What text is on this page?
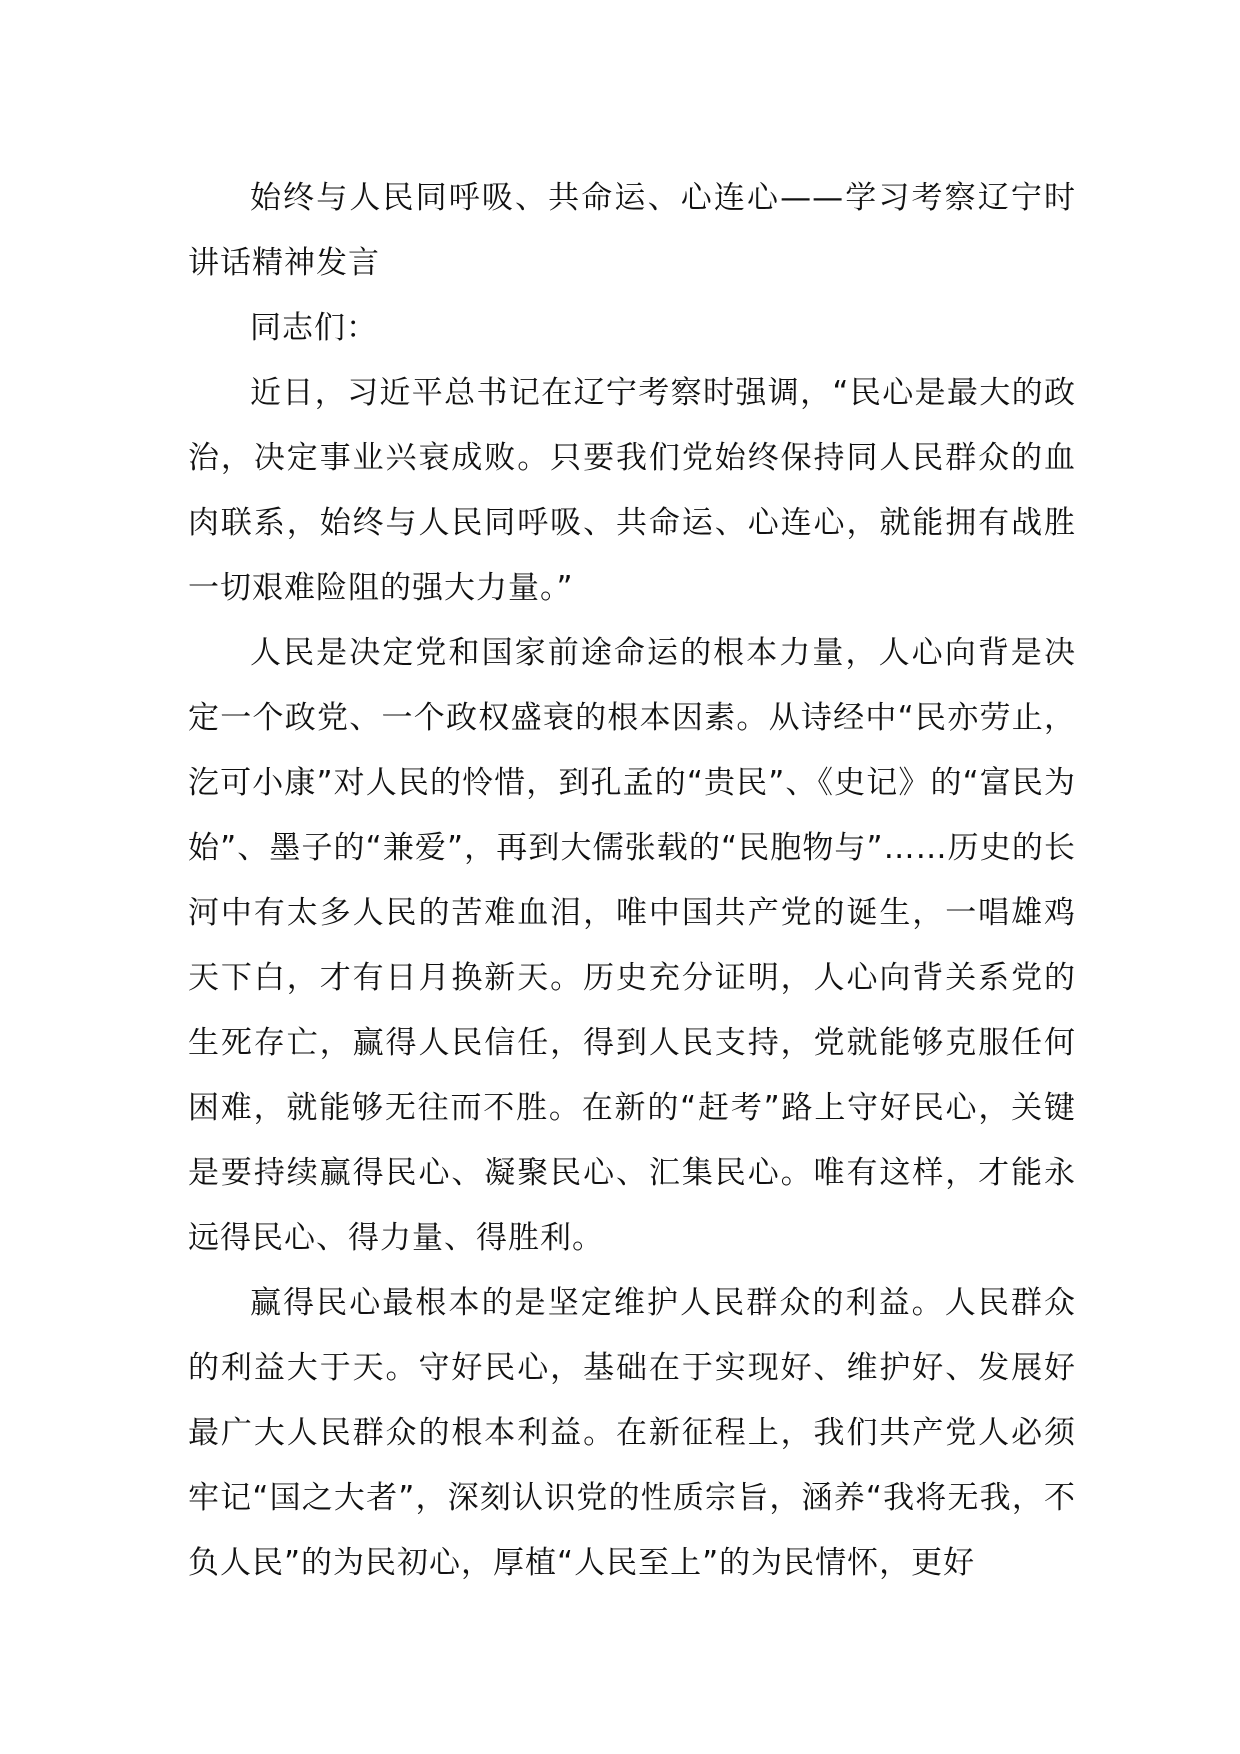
始终与人民同呼吸、共命运、心连心——学习考察辽宁时讲话精神发言

同志们：

近日，习近平总书记在辽宁考察时强调，“民心是最大的政治，决定事业兴衰成败。只要我们党始终保持同人民群众的血肉联系，始终与人民同呼吸、共命运、心连心，就能拥有战胜一切艰难险阻的强大力量。”

人民是决定党和国家前途命运的根本力量，人心向背是决定一个政党、一个政权盛衰的根本因素。从诗经中“民亦劳止，汔可小康”对人民的怜惜，到孔孟的“贵民”、《史记》的“富民为始”、墨子的“兼爱”，再到大儒张载的“民胞物与”……历史的长河中有太多人民的苦难血泪，唯中国共产党的诞生，一唱雄鸡天下白，才有日月换新天。历史充分证明，人心向背关系党的生死存亡，赢得人民信任，得到人民支持，党就能够克服任何困难，就能够无往而不胜。在新的“赶考”路上守好民心，关键是要持续赢得民心、凝聚民心、汇集民心。唯有这样，才能永远得民心、得力量、得胜利。

赢得民心最根本的是坚定维护人民群众的利益。人民群众的利益大于天。守好民心，基础在于实现好、维护好、发展好最广大人民群众的根本利益。在新征程上，我们共产党人必须牢记“国之大者”，深刻认识党的性质宗旨，涵养“我将无我，不负人民”的为民初心，厚植“人民至上”的为民情怀，更好
